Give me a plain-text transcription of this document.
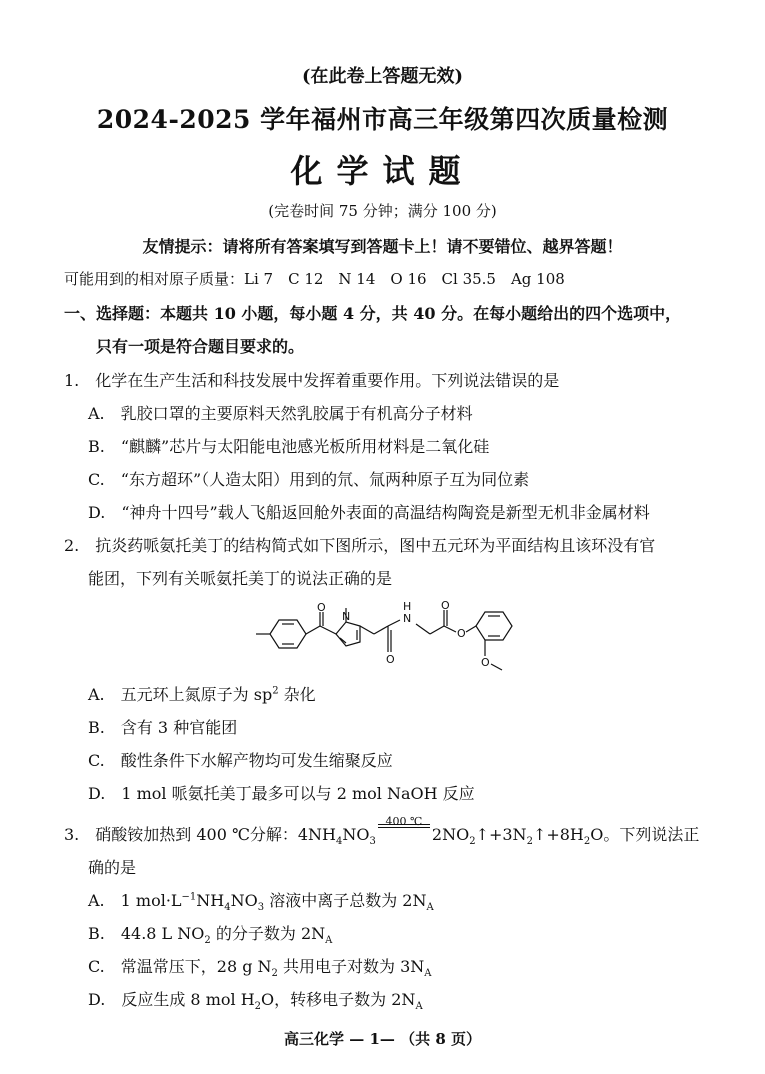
(在此卷上答题无效)
2024-2025 学年福州市高三年级第四次质量检测
化学试题
(完卷时间 75 分钟；满分 100 分)
友情提示：请将所有答案填写到答题卡上！请不要错位、越界答题！
可能用到的相对原子质量：Li 7　C 12　N 14　O 16　Cl 35.5　Ag 108
一、选择题：本题共 10 小题，每小题 4 分，共 40 分。在每小题给出的四个选项中，
只有一项是符合题目要求的。
1.　化学在生产生活和科技发展中发挥着重要作用。下列说法错误的是
A.　乳胶口罩的主要原料天然乳胶属于有机高分子材料
B.　“麒麟”芯片与太阳能电池感光板所用材料是二氧化硅
C.　“东方超环”（人造太阳）用到的氘、氚两种原子互为同位素
D.　“神舟十四号”载人飞船返回舱外表面的高温结构陶瓷是新型无机非金属材料
2.　抗炎药哌氨托美丁的结构简式如下图所示，图中五元环为平面结构且该环没有官
能团，下列有关哌氨托美丁的说法正确的是
O
N
O
N
H	O
O
O
A.　五元环上氮原子为 $sp^2$ 杂化
B.　含有 3 种官能团
C.　酸性条件下水解产物均可发生缩聚反应
D.　1 mol 哌氨托美丁最多可以与 2 mol NaOH 反应
3.　硝酸铵加热到 400 ℃分解：$4NH_4NO_3$
400 ℃
$2NO_2↑+3N_2↑+8H_2O$。下列说法正
确的是
A.　1 $mol\cdot L^{-1}NH_4NO_3$ 溶液中离子总数为 $2N_A$
B.　44.8 L $NO_2$ 的分子数为 $2N_A$
C.　常温常压下，28 g $N_2$ 共用电子对数为 $3N_A$
D.　反应生成 8 mol $H_2O$，转移电子数为 $2N_A$
高三化学 — 1— （共 8 页）
